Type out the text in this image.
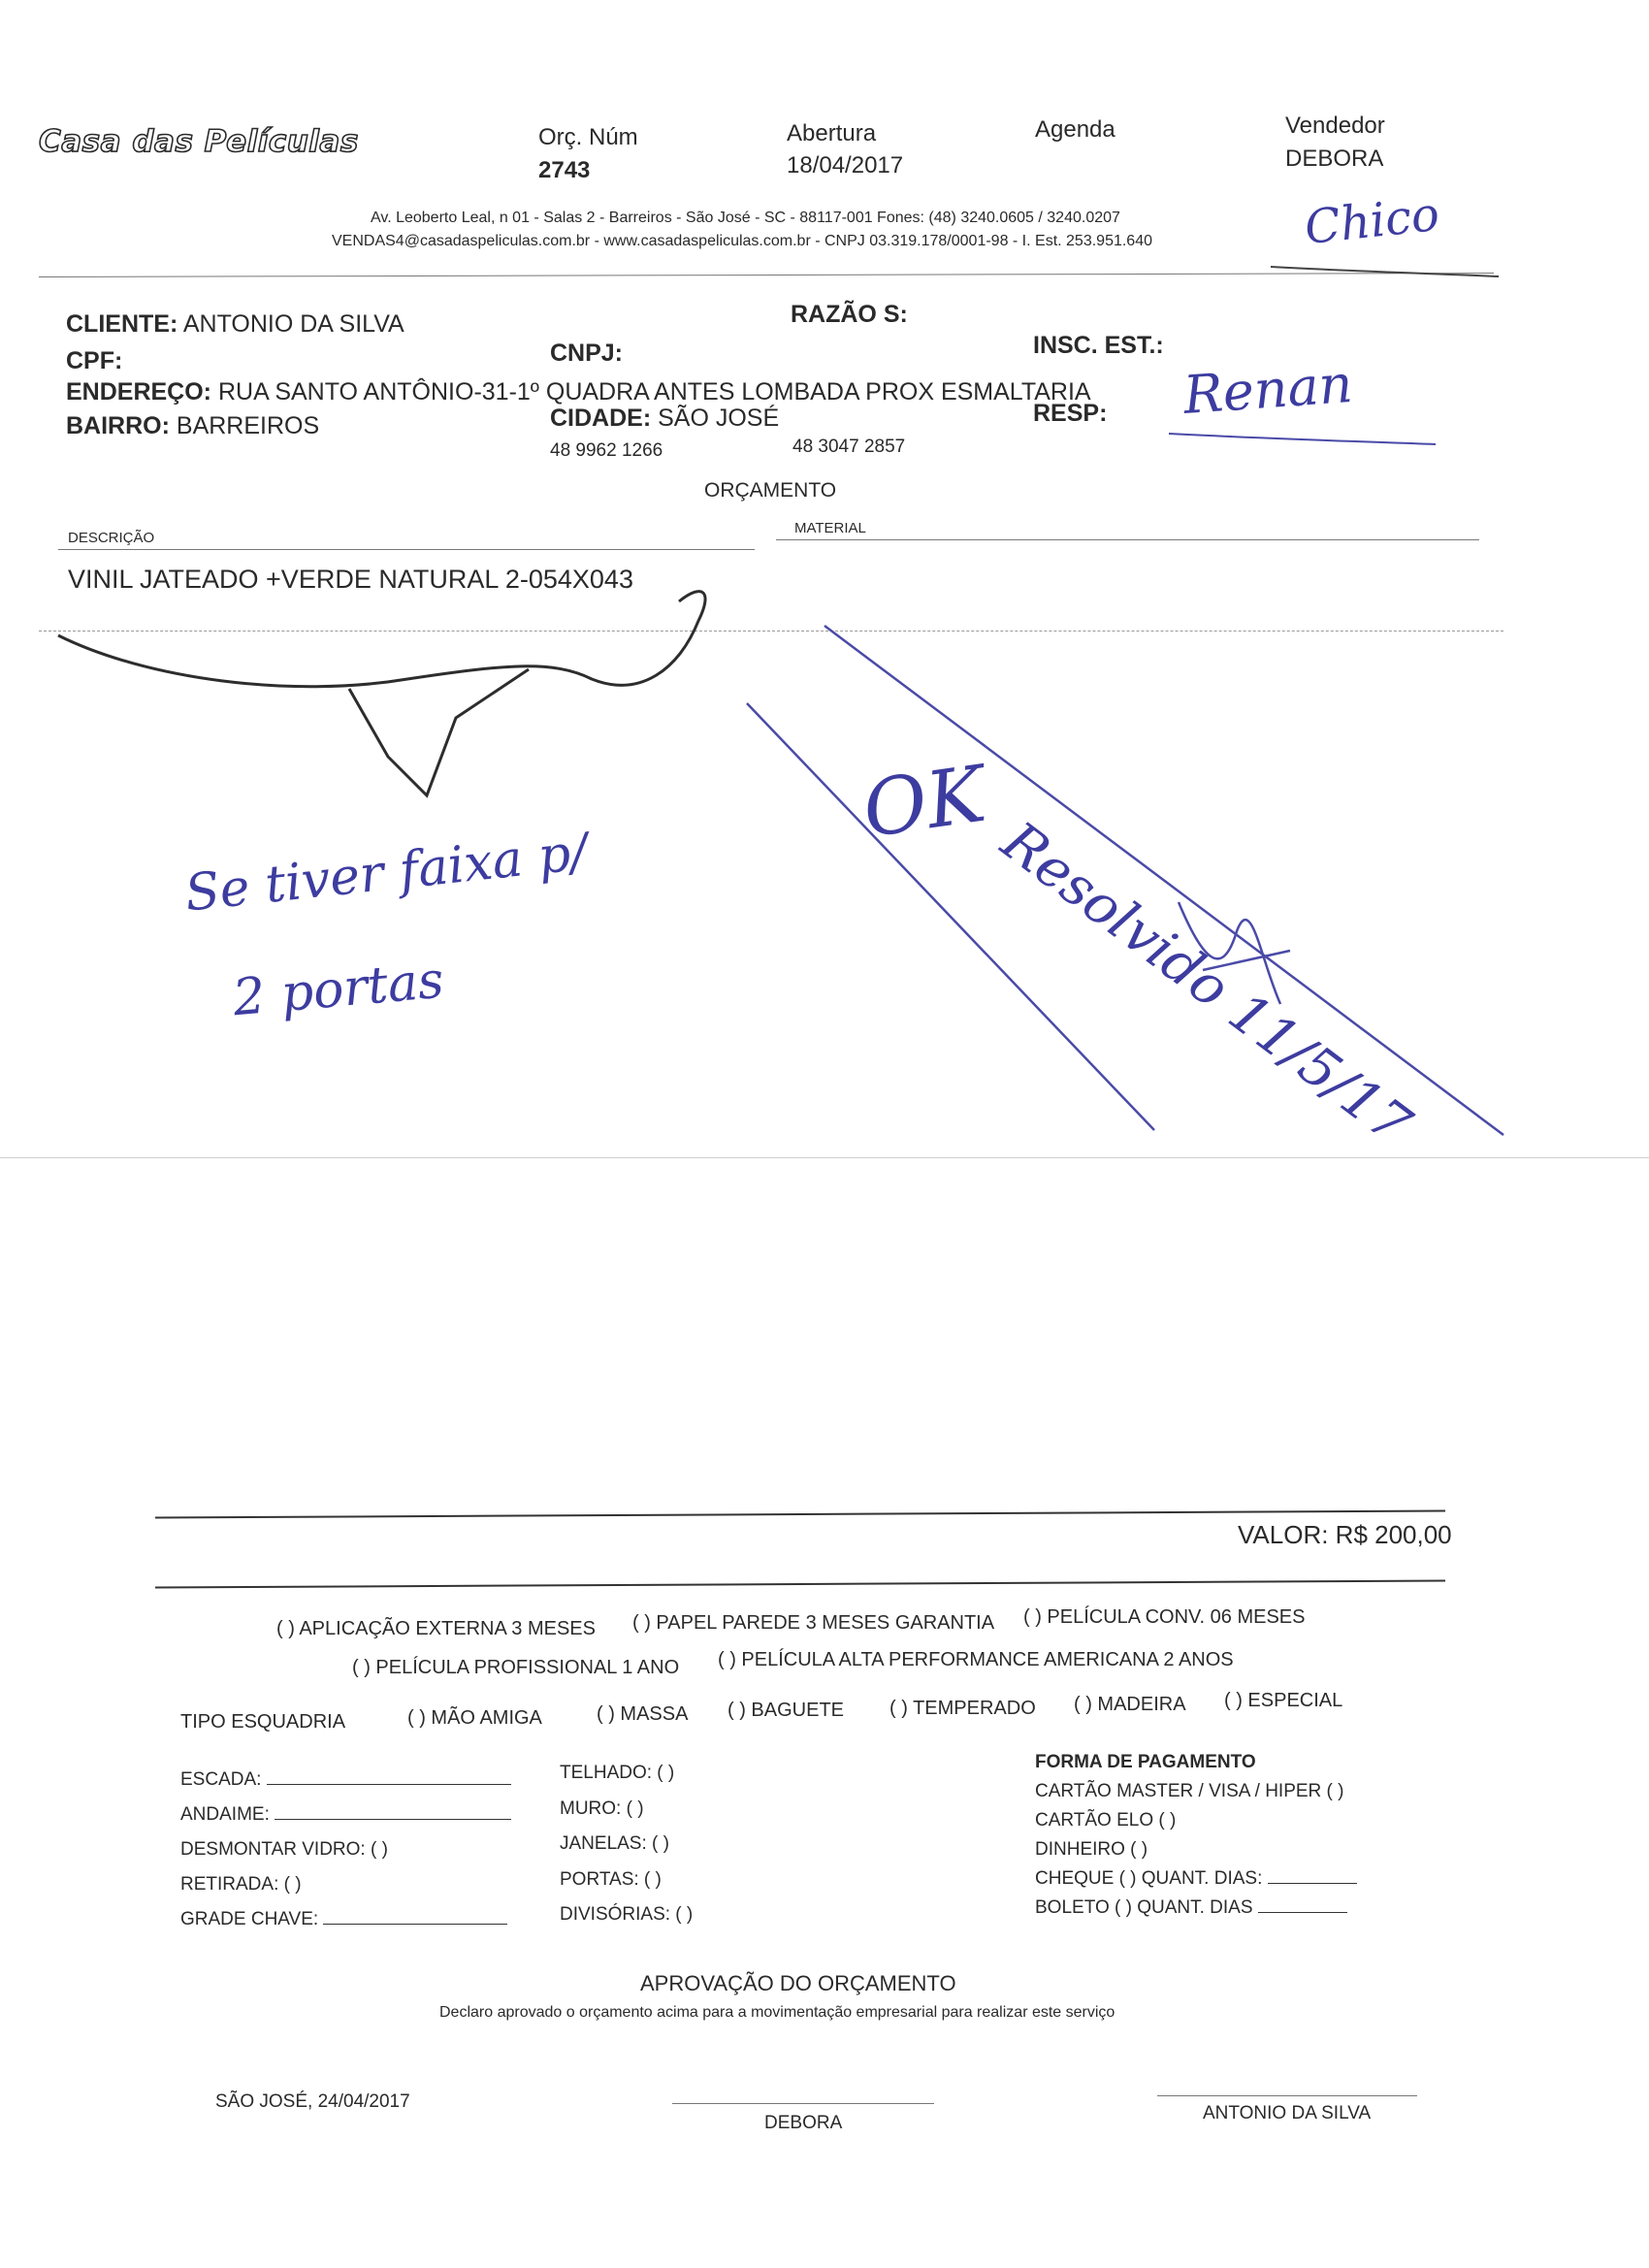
Casa das Películas	Orç. Núm
2743
Abertura
18/04/2017
Agenda	Vendedor
DEBORA
Av. Leoberto Leal, n 01 - Salas 2 - Barreiros - São José - SC - 88117-001 Fones: (48) 3240.0605 / 3240.0207
VENDAS4@casadaspeliculas.com.br - www.casadaspeliculas.com.br - CNPJ 03.319.178/0001-98 - I. Est. 253.951.640
CLIENTE: ANTONIO DA SILVA	RAZÃO S:
CPF:	CNPJ:	INSC. EST.:
ENDEREÇO: RUA SANTO ANTÔNIO-31-1º QUADRA ANTES LOMBADA PROX ESMALTARIA
BAIRRO: BARREIROS	CIDADE: SÃO JOSÉ	RESP:
48 9962 1266	48 3047 2857
ORÇAMENTO
DESCRIÇÃO
MATERIAL
VINIL JATEADO +VERDE NATURAL 2-054X043
Chico
Renan
Se tiver faixa p/
2 portas
OK
Resolvido 11/5/17
VALOR: R$ 200,00
( ) APLICAÇÃO EXTERNA 3 MESES ( ) PAPEL PAREDE 3 MESES GARANTIA ( ) PELÍCULA CONV. 06 MESES
( ) PELÍCULA PROFISSIONAL 1 ANO ( ) PELÍCULA ALTA PERFORMANCE AMERICANA 2 ANOS
TIPO ESQUADRIA	( ) MÃO AMIGA	( ) MASSA ( ) BAGUETE ( ) TEMPERADO ( ) MADEIRA ( ) ESPECIAL
ESCADA:
ANDAIME:
DESMONTAR VIDRO: ( )
RETIRADA: ( )
GRADE CHAVE:
TELHADO: ( )
MURO: ( )
JANELAS: ( )
PORTAS: ( )
DIVISÓRIAS: ( )
FORMA DE PAGAMENTO
CARTÃO MASTER / VISA / HIPER ( )
CARTÃO ELO ( )
DINHEIRO ( )
CHEQUE ( ) QUANT. DIAS:
BOLETO ( ) QUANT. DIAS
APROVAÇÃO DO ORÇAMENTO
Declaro aprovado o orçamento acima para a movimentação empresarial para realizar este serviço
SÃO JOSÉ, 24/04/2017
DEBORA	ANTONIO DA SILVA
